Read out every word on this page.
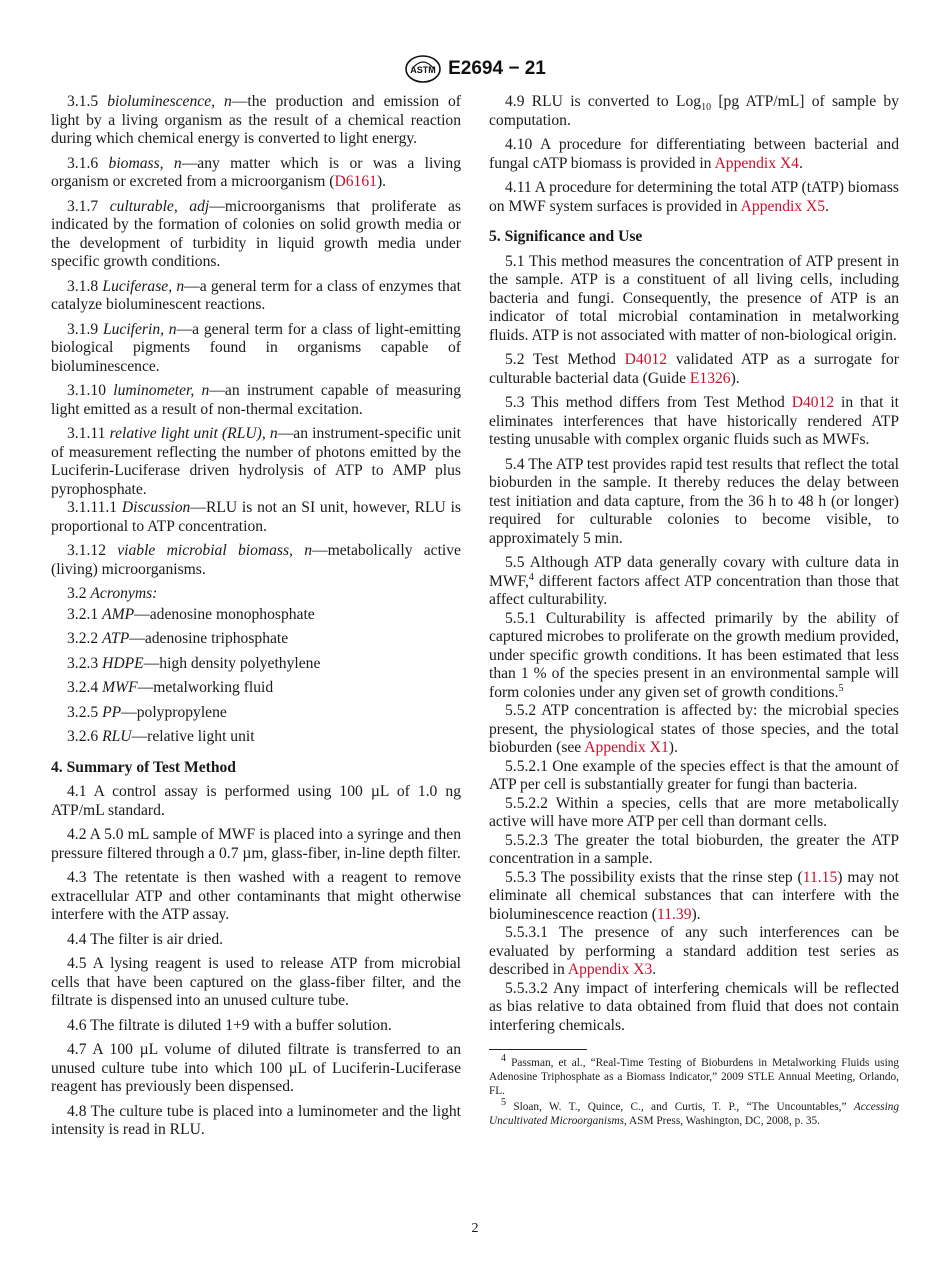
ASTM E2694 − 21

3.1.5 bioluminescence, n—the production and emission of light by a living organism as the result of a chemical reaction during which chemical energy is converted to light energy.

3.1.6 biomass, n—any matter which is or was a living organism or excreted from a microorganism (D6161).

3.1.7 culturable, adj—microorganisms that proliferate as indicated by the formation of colonies on solid growth media or the development of turbidity in liquid growth media under specific growth conditions.

3.1.8 Luciferase, n—a general term for a class of enzymes that catalyze bioluminescent reactions.

3.1.9 Luciferin, n—a general term for a class of light-emitting biological pigments found in organisms capable of bioluminescence.

3.1.10 luminometer, n—an instrument capable of measuring light emitted as a result of non-thermal excitation.

3.1.11 relative light unit (RLU), n—an instrument-specific unit of measurement reflecting the number of photons emitted by the Luciferin-Luciferase driven hydrolysis of ATP to AMP plus pyrophosphate.

3.1.11.1 Discussion—RLU is not an SI unit, however, RLU is proportional to ATP concentration.

3.1.12 viable microbial biomass, n—metabolically active (living) microorganisms.

3.2 Acronyms:

3.2.1 AMP—adenosine monophosphate

3.2.2 ATP—adenosine triphosphate

3.2.3 HDPE—high density polyethylene

3.2.4 MWF—metalworking fluid

3.2.5 PP—polypropylene

3.2.6 RLU—relative light unit

4. Summary of Test Method

4.1 A control assay is performed using 100 µL of 1.0 ng ATP/mL standard.

4.2 A 5.0 mL sample of MWF is placed into a syringe and then pressure filtered through a 0.7 µm, glass-fiber, in-line depth filter.

4.3 The retentate is then washed with a reagent to remove extracellular ATP and other contaminants that might otherwise interfere with the ATP assay.

4.4 The filter is air dried.

4.5 A lysing reagent is used to release ATP from microbial cells that have been captured on the glass-fiber filter, and the filtrate is dispensed into an unused culture tube.

4.6 The filtrate is diluted 1+9 with a buffer solution.

4.7 A 100 µL volume of diluted filtrate is transferred to an unused culture tube into which 100 µL of Luciferin-Luciferase reagent has previously been dispensed.

4.8 The culture tube is placed into a luminometer and the light intensity is read in RLU.

4.9 RLU is converted to Log$_{10}$ [pg ATP/mL] of sample by computation.

4.10 A procedure for differentiating between bacterial and fungal cATP biomass is provided in Appendix X4.

4.11 A procedure for determining the total ATP (tATP) biomass on MWF system surfaces is provided in Appendix X5.

5. Significance and Use

5.1 This method measures the concentration of ATP present in the sample. ATP is a constituent of all living cells, including bacteria and fungi. Consequently, the presence of ATP is an indicator of total microbial contamination in metalworking fluids. ATP is not associated with matter of non-biological origin.

5.2 Test Method D4012 validated ATP as a surrogate for culturable bacterial data (Guide E1326).

5.3 This method differs from Test Method D4012 in that it eliminates interferences that have historically rendered ATP testing unusable with complex organic fluids such as MWFs.

5.4 The ATP test provides rapid test results that reflect the total bioburden in the sample. It thereby reduces the delay between test initiation and data capture, from the 36 h to 48 h (or longer) required for culturable colonies to become visible, to approximately 5 min.

5.5 Although ATP data generally covary with culture data in MWF,$^4$ different factors affect ATP concentration than those that affect culturability.

5.5.1 Culturability is affected primarily by the ability of captured microbes to proliferate on the growth medium provided, under specific growth conditions. It has been estimated that less than 1 % of the species present in an environmental sample will form colonies under any given set of growth conditions.$^5$

5.5.2 ATP concentration is affected by: the microbial species present, the physiological states of those species, and the total bioburden (see Appendix X1).

5.5.2.1 One example of the species effect is that the amount of ATP per cell is substantially greater for fungi than bacteria.

5.5.2.2 Within a species, cells that are more metabolically active will have more ATP per cell than dormant cells.

5.5.2.3 The greater the total bioburden, the greater the ATP concentration in a sample.

5.5.3 The possibility exists that the rinse step (11.15) may not eliminate all chemical substances that can interfere with the bioluminescence reaction (11.39).

5.5.3.1 The presence of any such interferences can be evaluated by performing a standard addition test series as described in Appendix X3.

5.5.3.2 Any impact of interfering chemicals will be reflected as bias relative to data obtained from fluid that does not contain interfering chemicals.

$^4$ Passman, et al., “Real-Time Testing of Bioburdens in Metalworking Fluids using Adenosine Triphosphate as a Biomass Indicator,” 2009 STLE Annual Meeting, Orlando, FL.

$^5$ Sloan, W. T., Quince, C., and Curtis, T. P., “The Uncountables,” Accessing Uncultivated Microorganisms, ASM Press, Washington, DC, 2008, p. 35.

2
